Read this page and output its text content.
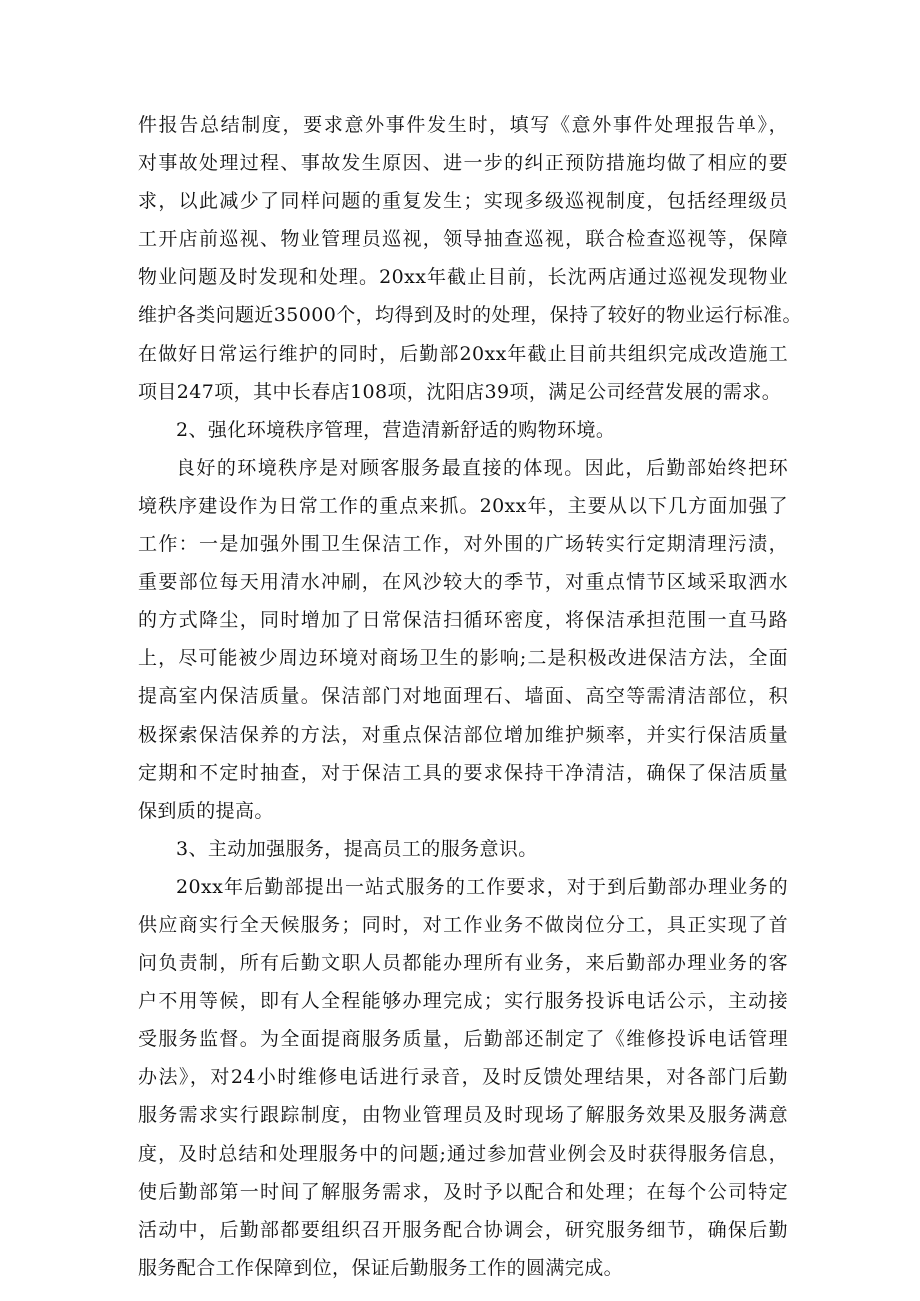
件报告总结制度，要求意外事件发生时，填写《意外事件处理报告单》，
对事故处理过程、事故发生原因、进一步的纠正预防措施均做了相应的要
求，以此减少了同样问题的重复发生；实现多级巡视制度，包括经理级员
工开店前巡视、物业管理员巡视，领导抽查巡视，联合检查巡视等，保障
物业问题及时发现和处理。20xx年截止目前，长沈两店通过巡视发现物业
维护各类问题近35000个，均得到及时的处理，保持了较好的物业运行标准。
在做好日常运行维护的同时，后勤部20xx年截止目前共组织完成改造施工
项目247项，其中长春店108项，沈阳店39项，满足公司经营发展的需求。
2、强化环境秩序管理，营造清新舒适的购物环境。
良好的环境秩序是对顾客服务最直接的体现。因此，后勤部始终把环
境秩序建设作为日常工作的重点来抓。20xx年，主要从以下几方面加强了
工作：一是加强外围卫生保洁工作，对外围的广场转实行定期清理污渍，
重要部位每天用清水冲刷，在风沙较大的季节，对重点情节区域采取洒水
的方式降尘，同时增加了日常保洁扫循环密度，将保洁承担范围一直马路
上，尽可能被少周边环境对商场卫生的影响;二是积极改进保洁方法，全面
提高室内保洁质量。保洁部门对地面理石、墙面、高空等需清洁部位，积
极探索保洁保养的方法，对重点保洁部位增加维护频率，并实行保洁质量
定期和不定时抽查，对于保洁工具的要求保持干净清洁，确保了保洁质量
保到质的提高。
3、主动加强服务，提高员工的服务意识。
20xx年后勤部提出一站式服务的工作要求，对于到后勤部办理业务的
供应商实行全天候服务；同时，对工作业务不做岗位分工，具正实现了首
问负责制，所有后勤文职人员都能办理所有业务，来后勤部办理业务的客
户不用等候，即有人全程能够办理完成；实行服务投诉电话公示，主动接
受服务监督。为全面提商服务质量，后勤部还制定了《维修投诉电话管理
办法》，对24小时维修电话进行录音，及时反馈处理结果，对各部门后勤
服务需求实行跟踪制度，由物业管理员及时现场了解服务效果及服务满意
度，及时总结和处理服务中的问题;通过参加营业例会及时获得服务信息，
使后勤部第一时间了解服务需求，及时予以配合和处理；在每个公司特定
活动中，后勤部都要组织召开服务配合协调会，研究服务细节，确保后勤
服务配合工作保障到位，保证后勤服务工作的圆满完成。
